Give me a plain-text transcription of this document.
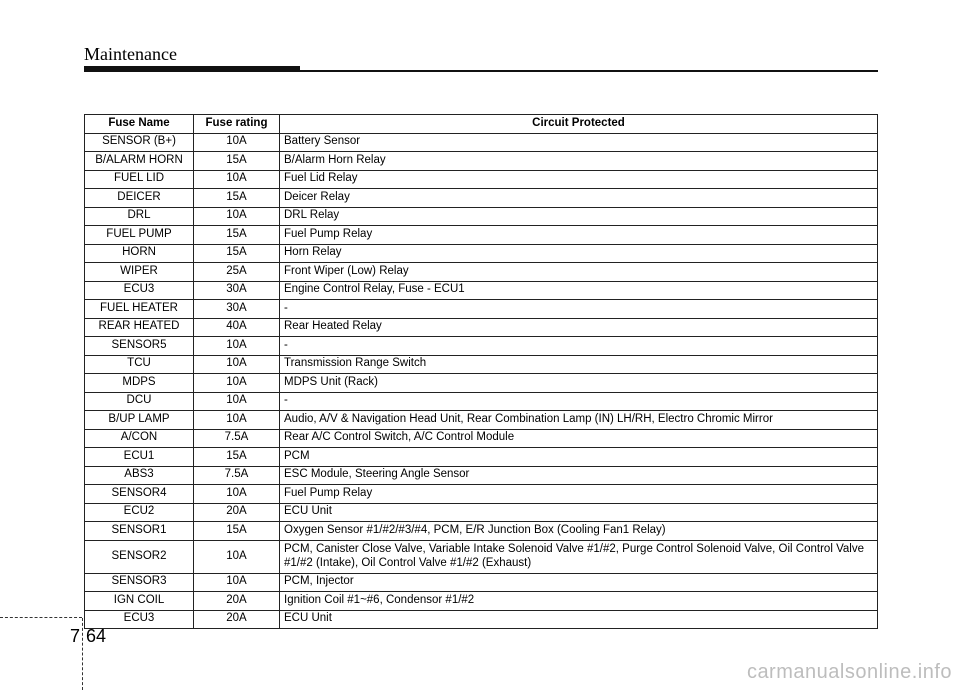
Maintenance
Fuse Name	Fuse rating	Circuit Protected
SENSOR (B+)	10A	Battery Sensor
B/ALARM HORN	15A	B/Alarm Horn Relay
FUEL LID	10A	Fuel Lid Relay
DEICER	15A	Deicer Relay
DRL	10A	DRL Relay
FUEL PUMP	15A	Fuel Pump Relay
HORN	15A	Horn Relay
WIPER	25A	Front Wiper (Low) Relay
ECU3	30A	Engine Control Relay, Fuse - ECU1
FUEL HEATER	30A	-
REAR HEATED	40A	Rear Heated Relay
SENSOR5	10A	-
TCU	10A	Transmission Range Switch
MDPS	10A	MDPS Unit (Rack)
DCU	10A	-
B/UP LAMP	10A	Audio, A/V & Navigation Head Unit, Rear Combination Lamp (IN) LH/RH, Electro Chromic Mirror
A/CON	7.5A	Rear A/C Control Switch, A/C Control Module
ECU1	15A	PCM
ABS3	7.5A	ESC Module, Steering Angle Sensor
SENSOR4	10A	Fuel Pump Relay
ECU2	20A	ECU Unit
SENSOR1	15A	Oxygen Sensor #1/#2/#3/#4, PCM, E/R Junction Box (Cooling Fan1 Relay)
SENSOR2	10A	PCM, Canister Close Valve, Variable Intake Solenoid Valve #1/#2, Purge Control Solenoid Valve, Oil Control Valve #1/#2 (Intake), Oil Control Valve #1/#2 (Exhaust)
SENSOR3	10A	PCM, Injector
IGN COIL	20A	Ignition Coil #1~#6, Condensor #1/#2
ECU3	20A	ECU Unit
7 64
carmanualsonline.info
